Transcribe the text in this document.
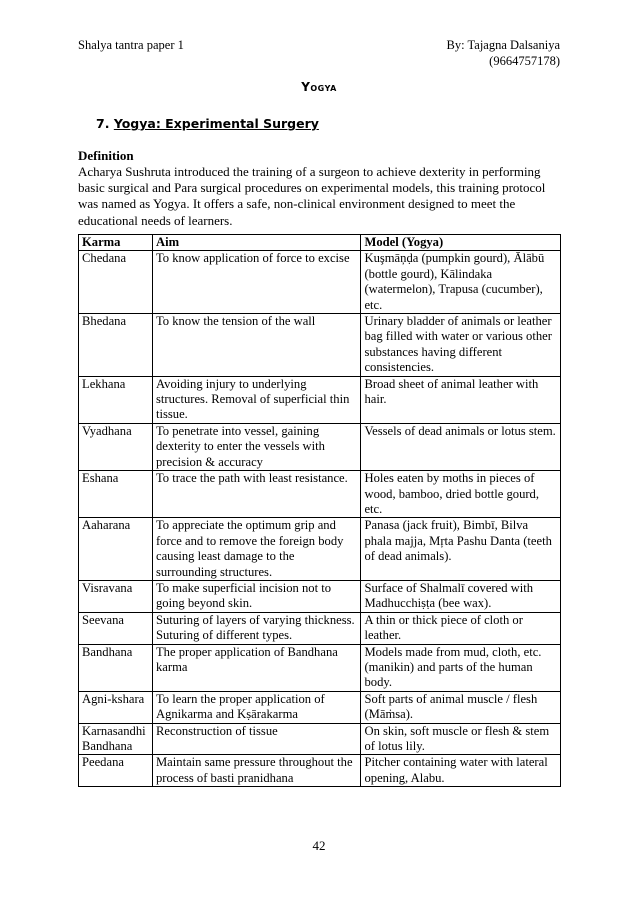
Shalya tantra paper 1	By: Tajagna Dalsaniya
(9664757178)
Yogya
7. Yogya: Experimental Surgery
Definition
Acharya Sushruta introduced the training of a surgeon to achieve dexterity in performing basic surgical and Para surgical procedures on experimental models, this training protocol was named as Yogya. It offers a safe, non-clinical environment designed to meet the educational needs of learners.
Karma	Aim	Model (Yogya)
Chedana	To know application of force to excise	Kuşmāņḍa (pumpkin gourd), Ālābū (bottle gourd), Kālindaka (watermelon), Trapusa (cucumber), etc.
Bhedana	To know the tension of the wall	Urinary bladder of animals or leather bag filled with water or various other substances having different consistencies.
Lekhana	Avoiding injury to underlying structures. Removal of superficial thin tissue.	Broad sheet of animal leather with hair.
Vyadhana	To penetrate into vessel, gaining dexterity to enter the vessels with precision & accuracy	Vessels of dead animals or lotus stem.
Eshana	To trace the path with least resistance.	Holes eaten by moths in pieces of wood, bamboo, dried bottle gourd, etc.
Aaharana	To appreciate the optimum grip and force and to remove the foreign body causing least damage to the surrounding structures.	Panasa (jack fruit), Bimbī, Bilva phala majja, Mŗta Pashu Danta (teeth of dead animals).
Visravana	To make superficial incision not to going beyond skin.	Surface of Shalmalī covered with Madhucchiṣṭa (bee wax).
Seevana	Suturing of layers of varying thickness. Suturing of different types.	A thin or thick piece of cloth or leather.
Bandhana	The proper application of Bandhana karma	Models made from mud, cloth, etc. (manikin) and parts of the human body.
Agni-kshara	To learn the proper application of Agnikarma and Kṣārakarma	Soft parts of animal muscle / flesh (Māṁsa).
Karnasandhi Bandhana	Reconstruction of tissue	On skin, soft muscle or flesh & stem of lotus lily.
Peedana	Maintain same pressure throughout the process of basti pranidhana	Pitcher containing water with lateral opening, Alabu.
42
